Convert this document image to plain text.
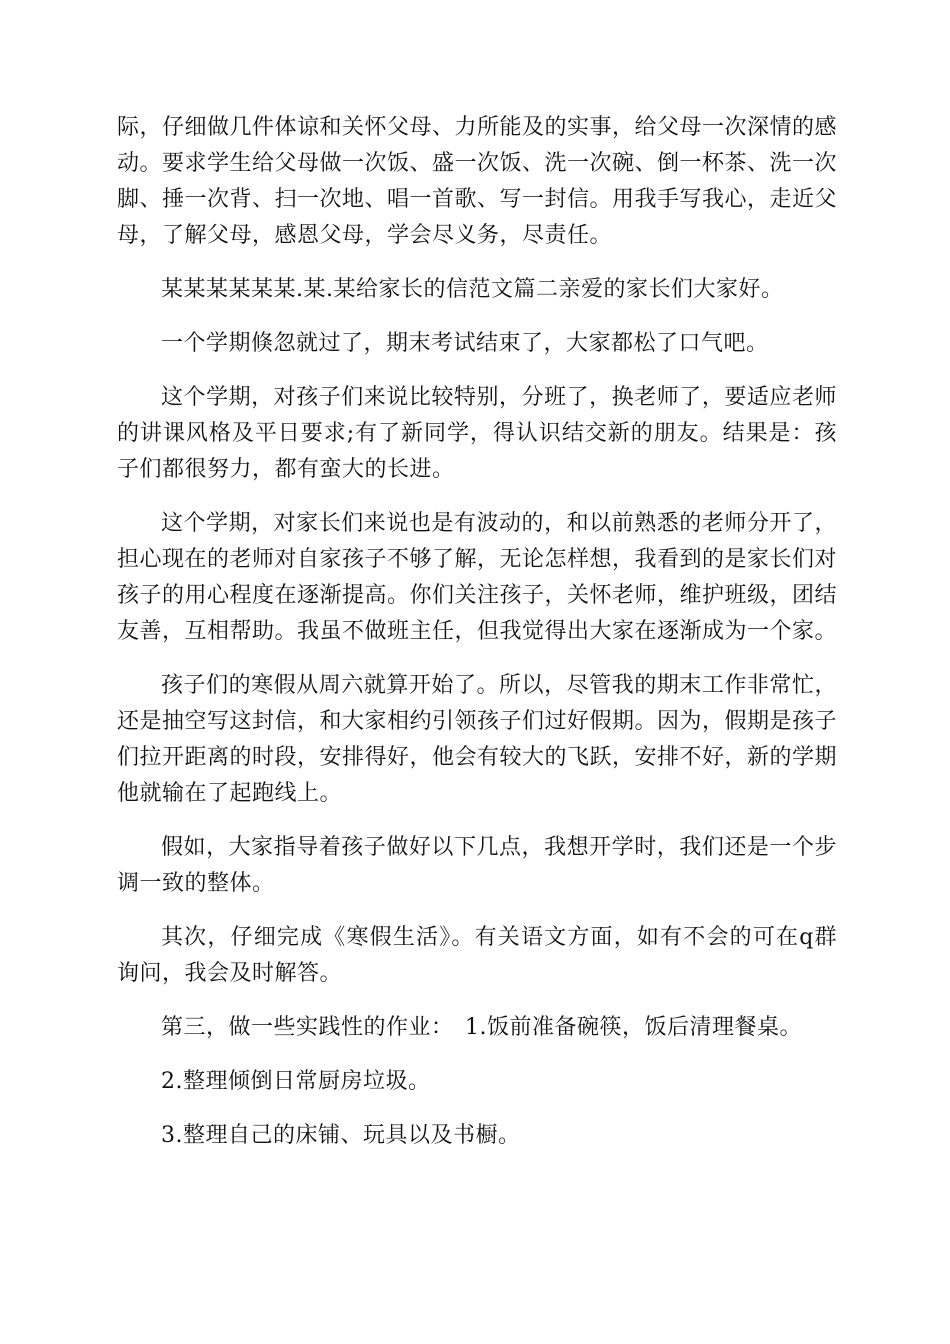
际，仔细做几件体谅和关怀父母、力所能及的实事，给父母一次深情的感动。要求学生给父母做一次饭、盛一次饭、洗一次碗、倒一杯茶、洗一次脚、捶一次背、扫一次地、唱一首歌、写一封信。用我手写我心，走近父母，了解父母，感恩父母，学会尽义务，尽责任。

某某某某某某.某.某给家长的信范文篇二亲爱的家长们大家好。

一个学期倏忽就过了，期末考试结束了，大家都松了口气吧。

这个学期，对孩子们来说比较特别，分班了，换老师了，要适应老师的讲课风格及平日要求;有了新同学，得认识结交新的朋友。结果是：孩子们都很努力，都有蛮大的长进。

这个学期，对家长们来说也是有波动的，和以前熟悉的老师分开了，担心现在的老师对自家孩子不够了解，无论怎样想，我看到的是家长们对孩子的用心程度在逐渐提高。你们关注孩子，关怀老师，维护班级，团结友善，互相帮助。我虽不做班主任，但我觉得出大家在逐渐成为一个家。

孩子们的寒假从周六就算开始了。所以，尽管我的期末工作非常忙，还是抽空写这封信，和大家相约引领孩子们过好假期。因为，假期是孩子们拉开距离的时段，安排得好，他会有较大的飞跃，安排不好，新的学期他就输在了起跑线上。

假如，大家指导着孩子做好以下几点，我想开学时，我们还是一个步调一致的整体。

其次，仔细完成《寒假生活》。有关语文方面，如有不会的可在q群询问，我会及时解答。

第三，做一些实践性的作业：　1.饭前准备碗筷，饭后清理餐桌。

2.整理倾倒日常厨房垃圾。

3.整理自己的床铺、玩具以及书橱。
